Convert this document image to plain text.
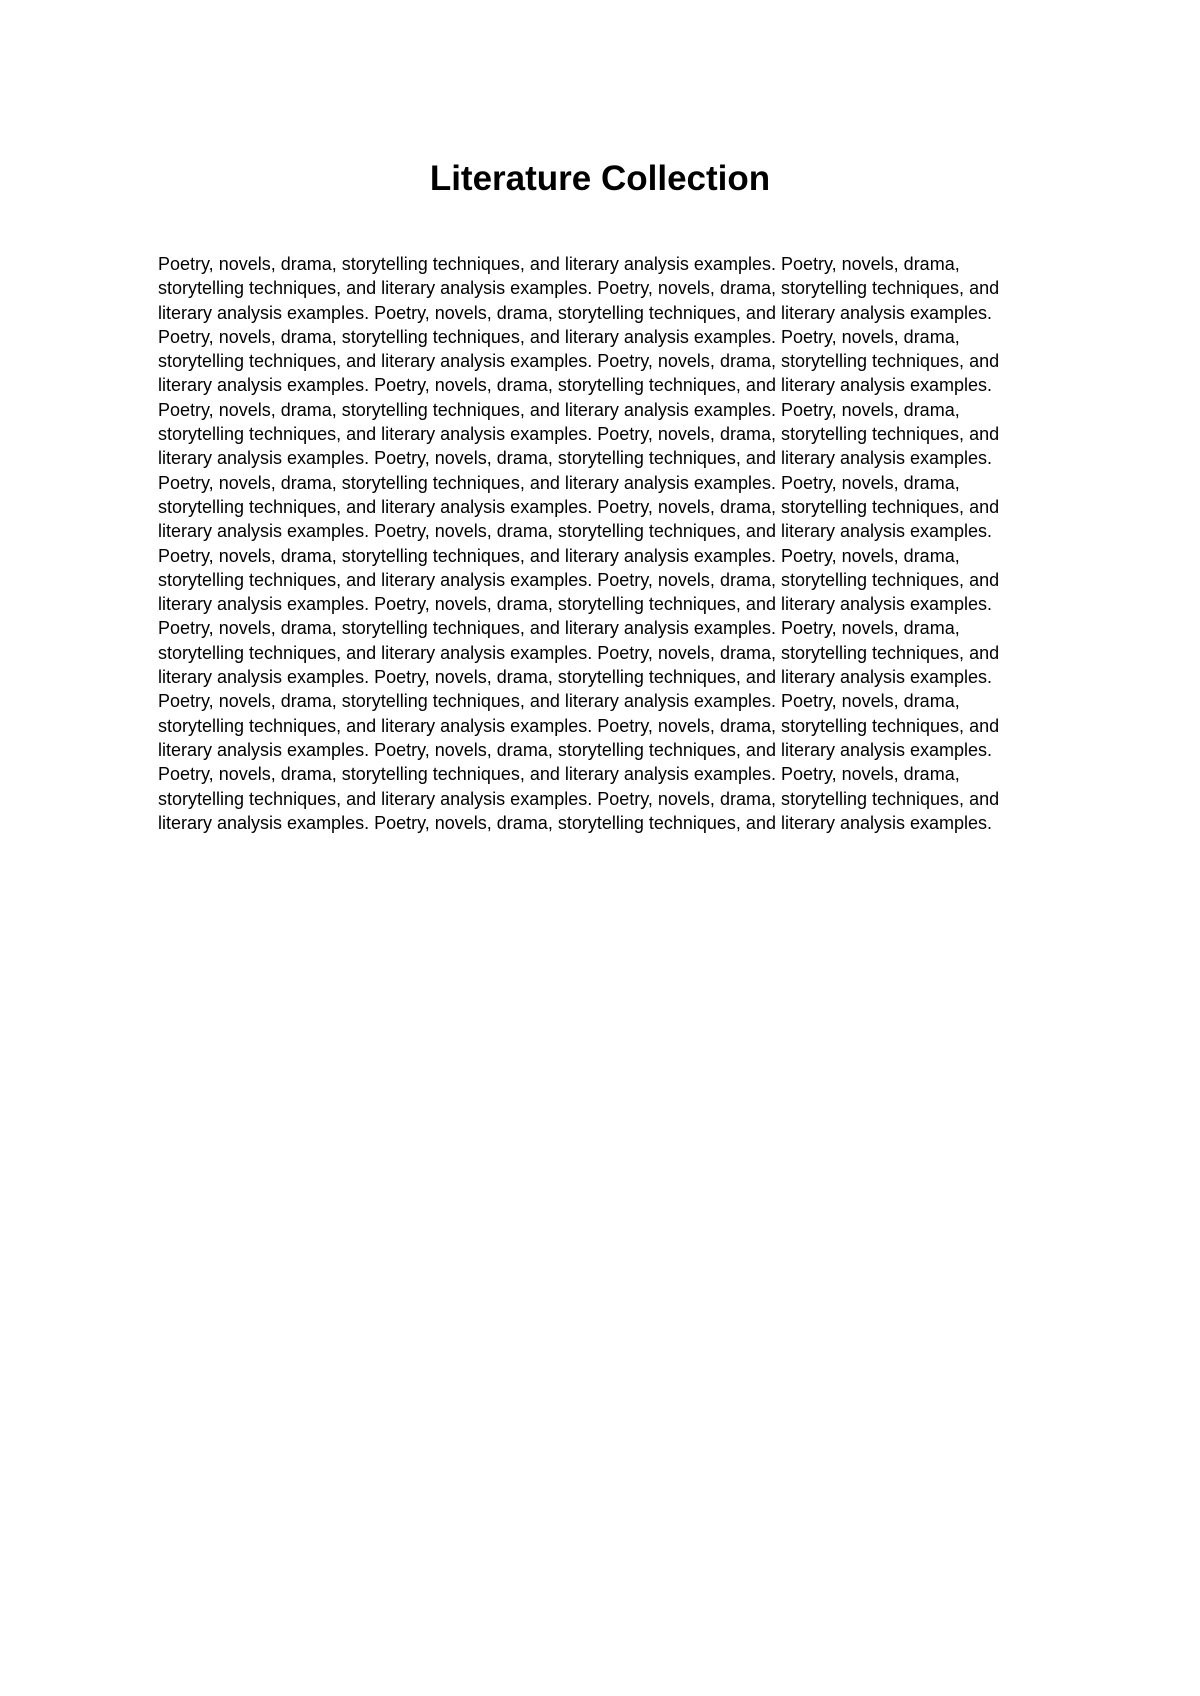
Literature Collection

Poetry, novels, drama, storytelling techniques, and literary analysis examples. Poetry, novels, drama, storytelling techniques, and literary analysis examples. Poetry, novels, drama, storytelling techniques, and literary analysis examples. Poetry, novels, drama, storytelling techniques, and literary analysis examples. Poetry, novels, drama, storytelling techniques, and literary analysis examples. Poetry, novels, drama, storytelling techniques, and literary analysis examples. Poetry, novels, drama, storytelling techniques, and literary analysis examples. Poetry, novels, drama, storytelling techniques, and literary analysis examples. Poetry, novels, drama, storytelling techniques, and literary analysis examples. Poetry, novels, drama, storytelling techniques, and literary analysis examples. Poetry, novels, drama, storytelling techniques, and literary analysis examples. Poetry, novels, drama, storytelling techniques, and literary analysis examples. Poetry, novels, drama, storytelling techniques, and literary analysis examples. Poetry, novels, drama, storytelling techniques, and literary analysis examples. Poetry, novels, drama, storytelling techniques, and literary analysis examples. Poetry, novels, drama, storytelling techniques, and literary analysis examples. Poetry, novels, drama, storytelling techniques, and literary analysis examples. Poetry, novels, drama, storytelling techniques, and literary analysis examples. Poetry, novels, drama, storytelling techniques, and literary analysis examples. Poetry, novels, drama, storytelling techniques, and literary analysis examples. Poetry, novels, drama, storytelling techniques, and literary analysis examples. Poetry, novels, drama, storytelling techniques, and literary analysis examples. Poetry, novels, drama, storytelling techniques, and literary analysis examples. Poetry, novels, drama, storytelling techniques, and literary analysis examples. Poetry, novels, drama, storytelling techniques, and literary analysis examples. Poetry, novels, drama, storytelling techniques, and literary analysis examples. Poetry, novels, drama, storytelling techniques, and literary analysis examples. Poetry, novels, drama, storytelling techniques, and literary analysis examples. Poetry, novels, drama, storytelling techniques, and literary analysis examples. Poetry, novels, drama, storytelling techniques, and literary analysis examples. Poetry, novels, drama, storytelling techniques, and literary analysis examples. Poetry, novels, drama, storytelling techniques, and literary analysis examples.
